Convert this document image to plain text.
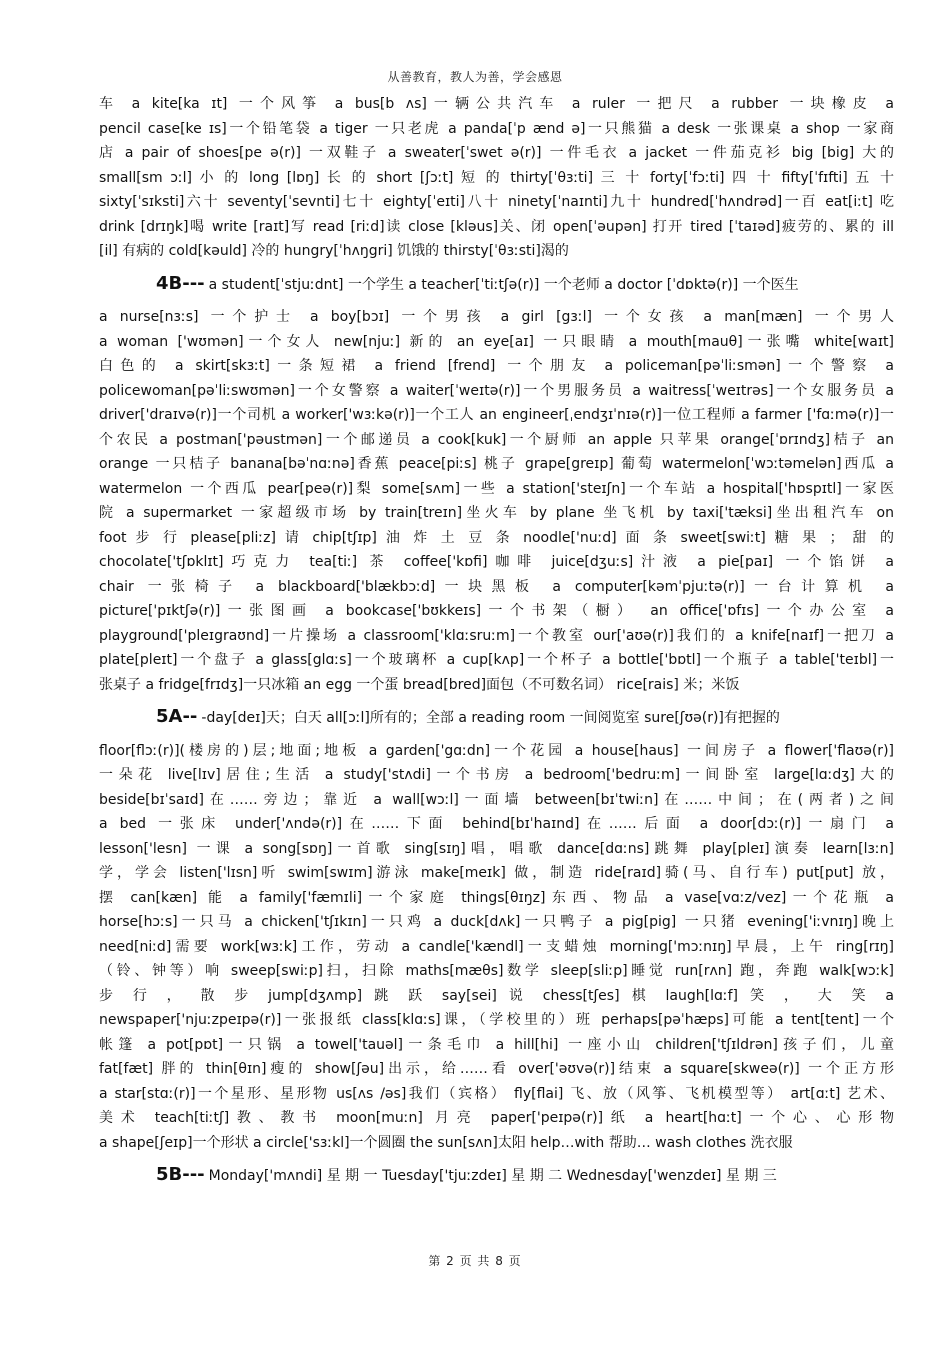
从善教育，教人为善，学会感恩
车 a kite[ka ɪt] 一个风筝 a bus[b ʌs]一辆公共汽车 a ruler 一把尺 a rubber 一块橡皮 a
pencil case[ke ɪs]一个铅笔袋 a tiger 一只老虎 a panda[ˈp ænd ə]一只熊猫 a desk 一张课桌 a shop 一家商
店 a pair of shoes[pe ə(r)] 一双鞋子 a sweater[ˈswet ə(r)] 一件毛衣 a jacket 一件茄克衫 big [big] 大的
small[sm ɔːl] 小 的 long [lɒŋ] 长 的 short [ʃɔːt] 短 的 thirty[ˈθɜːti] 三 十 forty[ˈfɔːti] 四 十 fifty[ˈfɪfti] 五 十
sixty[ˈsɪksti]六十 seventy[ˈsevnti]七十 eighty[ˈeɪti]八十 ninety[ˈnaɪnti]九十 hundred[ˈhʌndrəd]一百 eat[iːt] 吃
drink [drɪŋk]喝 write [raɪt]写 read [riːd]读 close [kləus]关、闭 open[ˈəupən] 打开 tired [ˈtaɪəd]疲劳的、累的 ill
[il] 有病的 cold[kəuld] 冷的 hungry[ˈhʌŋgri] 饥饿的 thirsty[ˈθɜːsti]渴的
4B--- a student[ˈstjuːdnt] 一个学生 a teacher[ˈtiːtʃə(r)] 一个老师 a doctor [ˈdɒktə(r)] 一个医生
a nurse[nɜːs] 一个护士 a boy[bɔɪ] 一个男孩 a girl [gɜːl] 一个女孩 a man[mæn] 一个男人
a woman ['wʊmən]一个女人 new[njuː] 新的 an eye[aɪ] 一只眼睛 a mouth[mauθ]一张嘴 white[waɪt]
白色的 a skirt[skɜːt]一条短裙 a friend [frend] 一个朋友 a policeman[pəˈliːsmən]一个警察 a
policewoman[pəˈliːswʊmən]一个女警察 a waiter[ˈweɪtə(r)]一个男服务员 a waitress[ˈweɪtrəs]一个女服务员 a
driver['draɪvə(r)]一个司机 a worker['wɜːkə(r)]一个工人 an engineer[ˌendʒɪˈnɪə(r)]一位工程师 a farmer ['fɑːmə(r)]一
个农民 a postman['pəustmən]一个邮递员 a cook[kuk]一个厨师 an apple 只苹果 orange[ˈɒrɪndʒ]桔子 an
orange 一只桔子 banana[bəˈnɑːnə]香蕉 peace[piːs] 桃子 grape[greɪp] 葡萄 watermelon[ˈwɔːtəmelən]西瓜 a
watermelon 一个西瓜 pear[peə(r)]梨 some[sʌm]一些 a station['steɪʃn]一个车站 a hospital['hɒspɪtl]一家医
院 a supermarket 一家超级市场 by train[treɪn]坐火车 by plane 坐飞机 by taxi['tæksi]坐出租汽车 on
foot 步 行 please[pliːz] 请 chip[tʃɪp] 油 炸 土 豆 条 noodle['nuːd] 面 条 sweet[swiːt] 糖 果 ； 甜 的
chocolate['tʃɒklɪt]巧克力 tea[tiː] 茶 coffee['kɒfi]咖啡 juice[dʒuːs]汁液 a pie[paɪ] 一个馅饼 a
chair 一张椅子 a blackboard['blækbɔːd]一块黑板 a computer[kəmˈpjuːtə(r)]一台计算机 a
picture['pɪktʃə(r)]一张图画 a bookcase['bʊkkeɪs]一个书架（橱） an office['ɒfɪs]一个办公室 a
playground['pleɪgraʊnd]一片操场 a classroom['klɑːsruːm]一个教室 our['aʊə(r)]我们的 a knife[naɪf]一把刀 a
plate[pleɪt]一个盘子 a glass[glɑːs]一个玻璃杯 a cup[kʌp]一个杯子 a bottle['bɒtl]一个瓶子 a table['teɪbl]一
张桌子 a fridge[frɪdʒ]一只冰箱 an egg 一个蛋 bread[bred]面包（不可数名词） rice[rais] 米；米饭
5A-- -day[deɪ]天；白天 all[ɔːl]所有的；全部 a reading room 一间阅览室 sure[ʃʊə(r)]有把握的
floor[flɔː(r)](楼房的)层;地面;地板 a garden['gɑːdn]一个花园 a house[haus] 一间房子 a flower['flaʊə(r)]
一朵花 live[lɪv]居住;生活 a study['stʌdi]一个书房 a bedroom['bedruːm]一间卧室 large[lɑːdʒ]大的
beside[bɪˈsaɪd]在……旁边；靠近 a wall[wɔːl]一面墙 between[bɪˈtwiːn]在……中间；在(两者)之间
a bed 一张床 under['ʌndə(r)]在……下面 behind[bɪˈhaɪnd]在……后面 a door[dɔː(r)]一扇门 a
lesson['lesn] 一课 a song[sɒŋ]一首歌 sing[sɪŋ]唱，唱歌 dance[dɑːns]跳舞 play[pleɪ]演奏 learn[lɜːn]
学，学会 listen['lɪsn]听 swim[swɪm]游泳 make[meɪk] 做，制造 ride[raɪd]骑(马、自行车) put[put] 放，
摆 can[kæn] 能 a family['fæmɪli]一个家庭 things[θɪŋz]东西、物品 a vase[vɑːz/vez]一个花瓶 a
horse[hɔːs]一只马 a chicken['tʃɪkɪn]一只鸡 a duck[dʌk]一只鸭子 a pig[pig] 一只猪 evening['iːvnɪŋ]晚上
need[niːd]需要 work[wɜːk]工作，劳动 a candle['kændl]一支蜡烛 morning['mɔːnɪŋ]早晨，上午 ring[rɪŋ]
（铃、钟等）响 sweep[swiːp]扫，扫除 maths[mæθs]数学 sleep[sliːp]睡觉 run[rʌn] 跑，奔跑 walk[wɔːk]
步 行 ， 散 步 jump[dʒʌmp] 跳 跃 say[sei] 说 chess[tʃes] 棋 laugh[lɑːf] 笑 ， 大 笑 a
newspaper['njuːzpeɪpə(r)]一张报纸 class[klɑːs]课，（学校里的）班 perhaps[pəˈhæps]可能 a tent[tent]一个
帐篷 a pot[pɒt]一只锅 a towel['tauəl]一条毛巾 a hill[hi] 一座小山 children['tʃɪldrən]孩子们，儿童
fat[fæt] 胖的 thin[θɪn]瘦的 show[ʃəu]出示，给……看 over['əʊvə(r)]结束 a square[skweə(r)] 一个正方形
a star[stɑː(r)]一个星形、星形物 us[ʌs /əs]我们（宾格） fly[flai] 飞、放（风筝、飞机模型等） art[ɑːt] 艺术、
美术 teach[tiːtʃ]教、教书 moon[muːn] 月亮 paper['peɪpə(r)]纸 a heart[hɑːt]一个心、心形物
a shape[ʃeɪp]一个形状 a circle['sɜːkl]一个圆圈 the sun[sʌn]太阳 help…with 帮助… wash clothes 洗衣服
5B--- Monday['mʌndi] 星 期 一 Tuesday['tjuːzdeɪ] 星 期 二 Wednesday['wenzdeɪ] 星 期 三
第 2 页 共 8 页
